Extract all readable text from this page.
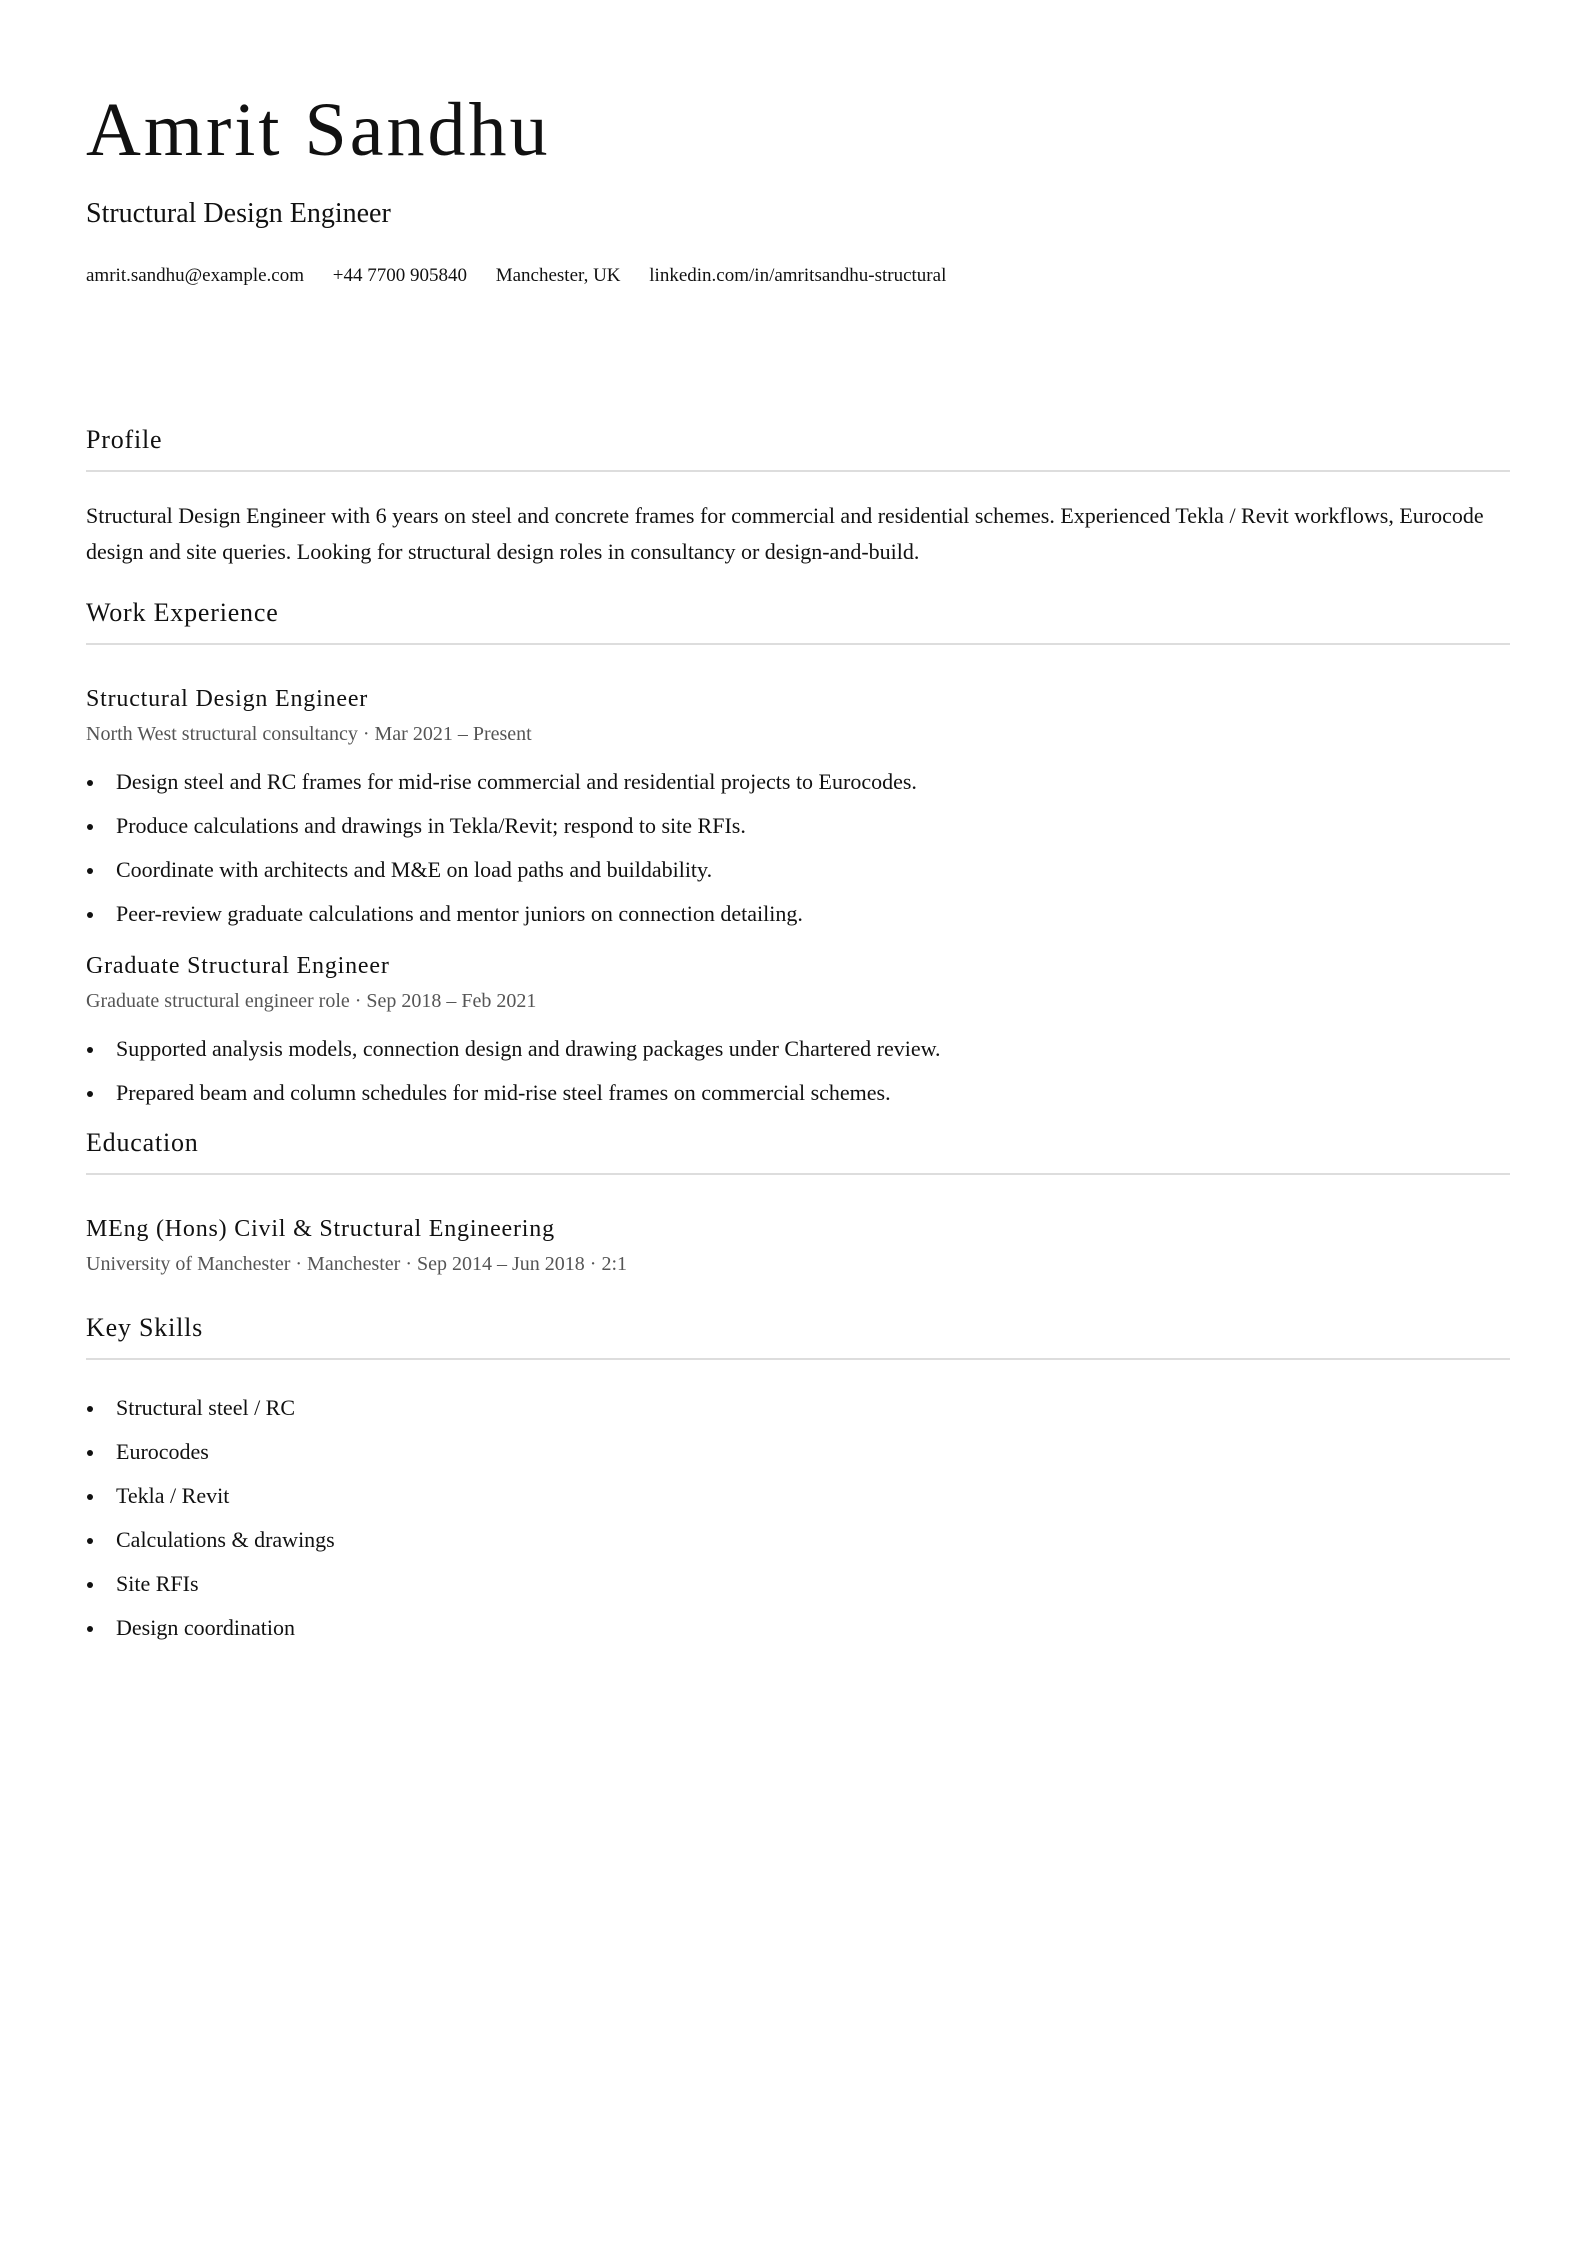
Amrit Sandhu
Structural Design Engineer
amrit.sandhu@example.com +44 7700 905840 Manchester, UK linkedin.com/in/amritsandhu-structural
Profile

Structural Design Engineer with 6 years on steel and concrete frames for commercial and residential schemes. Experienced Tekla / Revit workflows, Eurocode design and site queries. Looking for structural design roles in consultancy or design-and-build.

Work Experience
Structural Design Engineer
North West structural consultancy · Mar 2021 – Present
Design steel and RC frames for mid-rise commercial and residential projects to Eurocodes.
Produce calculations and drawings in Tekla/Revit; respond to site RFIs.
Coordinate with architects and M&E on load paths and buildability.
Peer-review graduate calculations and mentor juniors on connection detailing.
Graduate Structural Engineer
Graduate structural engineer role · Sep 2018 – Feb 2021
Supported analysis models, connection design and drawing packages under Chartered review.
Prepared beam and column schedules for mid-rise steel frames on commercial schemes.
Education
MEng (Hons) Civil & Structural Engineering
University of Manchester · Manchester · Sep 2014 – Jun 2018 · 2:1
Key Skills
Structural steel / RC
Eurocodes
Tekla / Revit
Calculations & drawings
Site RFIs
Design coordination
